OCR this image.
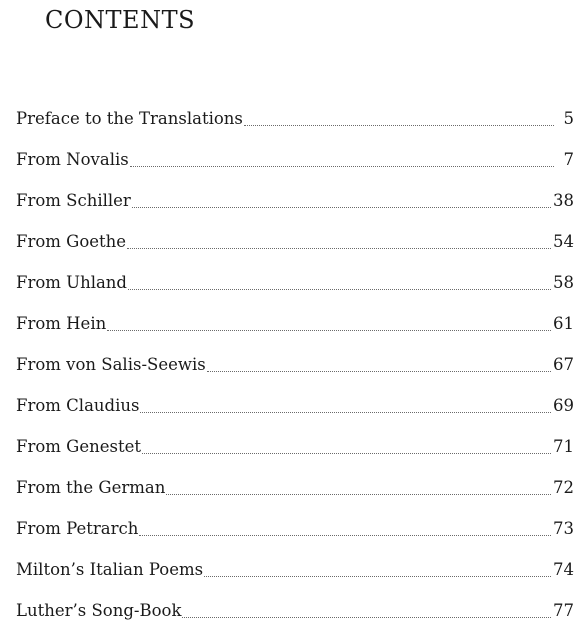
CONTENTS
Preface to the Translations	5
From Novalis	7
From Schiller	38
From Goethe	54
From Uhland	58
From Hein	61
From von Salis-Seewis	67
From Claudius	69
From Genestet	71
From the German	72
From Petrarch	73
Milton’s Italian Poems	74
Luther’s Song-Book	77
